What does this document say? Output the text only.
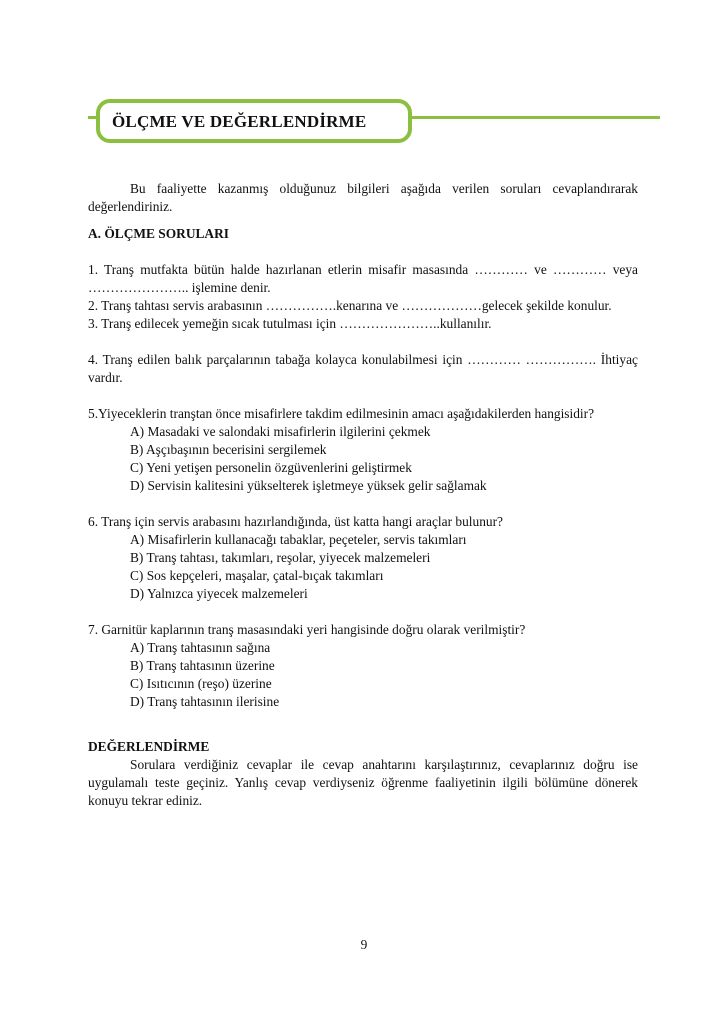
ÖLÇME VE DEĞERLENDİRME

Bu faaliyette kazanmış olduğunuz bilgileri aşağıda verilen soruları cevaplandırarak değerlendiriniz.

A. ÖLÇME SORULARI

1. Tranş mutfakta bütün halde hazırlanan etlerin misafir masasında ………… ve ………… veya ………………….. işlemine denir.

2. Tranş tahtası servis arabasının …………….kenarına ve ………………gelecek şekilde konulur.

3. Tranş edilecek yemeğin sıcak tutulması için …………………..kullanılır.

4. Tranş edilen balık parçalarının tabağa kolayca konulabilmesi için ………… ……………. İhtiyaç vardır.

5.Yiyeceklerin tranştan önce misafirlere takdim edilmesinin amacı aşağıdakilerden hangisidir?

A) Masadaki ve salondaki misafirlerin ilgilerini çekmek

B) Aşçıbaşının becerisini sergilemek

C) Yeni yetişen personelin özgüvenlerini geliştirmek

D) Servisin kalitesini yükselterek işletmeye yüksek gelir sağlamak

6. Tranş için servis arabasını hazırlandığında, üst katta hangi araçlar bulunur?

A) Misafirlerin kullanacağı tabaklar, peçeteler, servis takımları

B) Tranş tahtası, takımları, reşolar, yiyecek malzemeleri

C) Sos kepçeleri, maşalar, çatal-bıçak takımları

D) Yalnızca yiyecek malzemeleri

7. Garnitür kaplarının tranş masasındaki yeri hangisinde doğru olarak verilmiştir?

A) Tranş tahtasının sağına

B) Tranş tahtasının üzerine

C) Isıtıcının (reşo) üzerine

D) Tranş tahtasının ilerisine

DEĞERLENDİRME

Sorulara verdiğiniz cevaplar ile cevap anahtarını karşılaştırınız, cevaplarınız doğru ise uygulamalı teste geçiniz. Yanlış cevap verdiyseniz öğrenme faaliyetinin ilgili bölümüne dönerek konuyu tekrar ediniz.

9
